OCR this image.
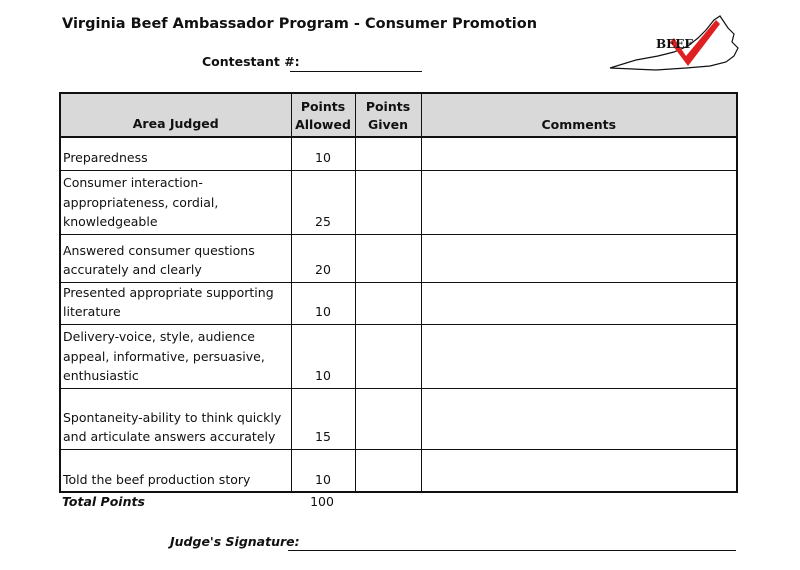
Virginia Beef Ambassador Program - Consumer Promotion
Contestant #:
BEEF
Area Judged	Points Allowed	Points Given	Comments
Preparedness	10		
Consumer interaction-appropriateness, cordial, knowledgeable	25		
Answered consumer questions accurately and clearly	20		
Presented appropriate supporting literature	10		
Delivery-voice, style, audience appeal, informative, persuasive, enthusiastic	10		
Spontaneity-ability to think quickly and articulate answers accurately	15		
Told the beef production story	10		
Total Points	100
Judge's Signature:
